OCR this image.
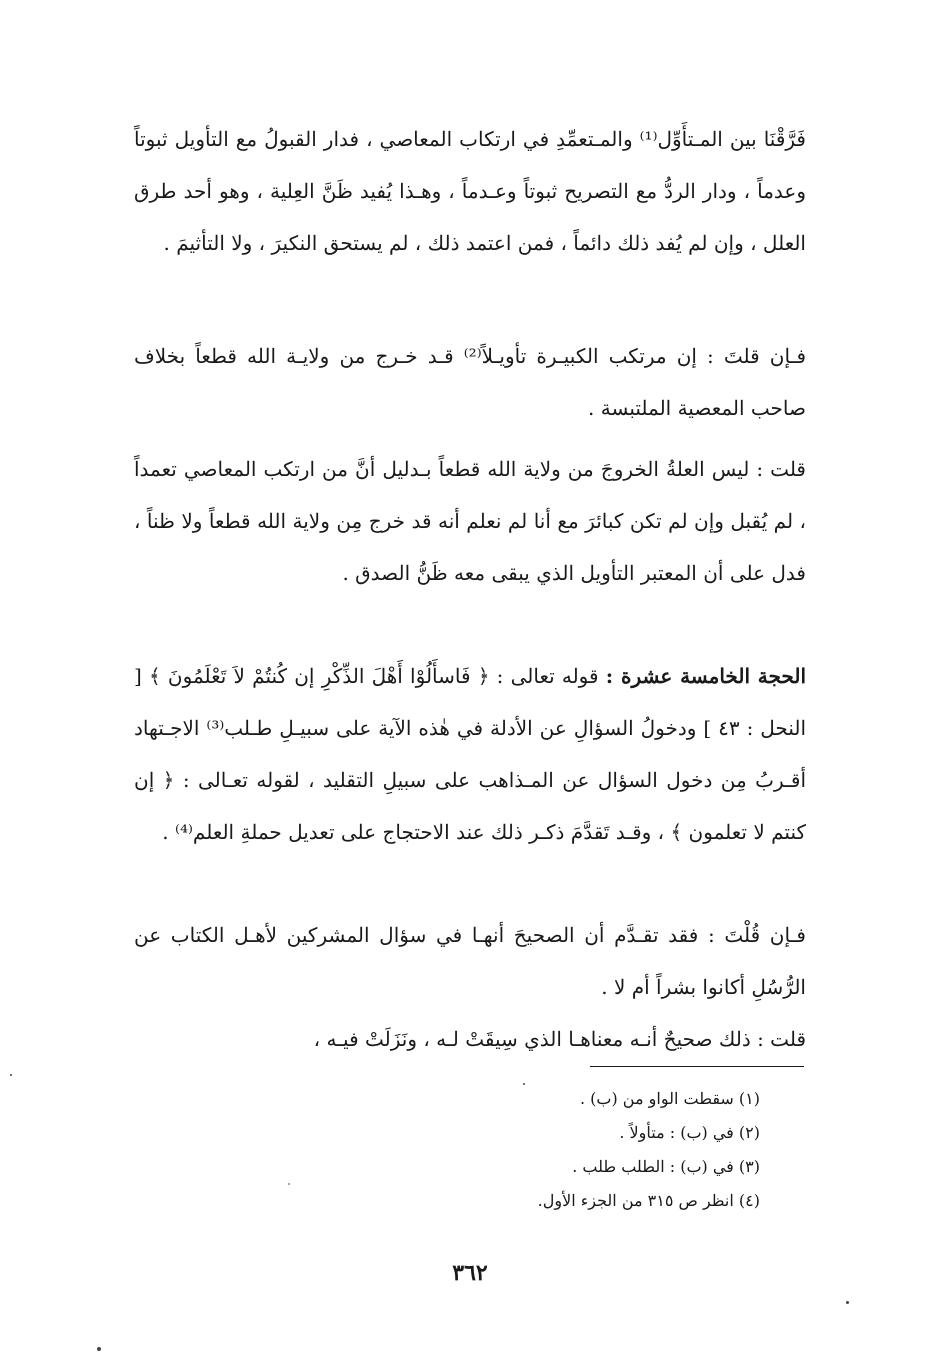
فَرَّقْنَا بين المـتأَوِّل⁽¹⁾ والمـتعمِّدِ في ارتكاب المعاصي ، فدار القبولُ مع التأويل ثبوتاً وعدماً ، ودار الردُّ مع التصريح ثبوتاً وعـدماً ، وهـذا يُفيد ظَنَّ العِلية ، وهو أحد طرق العلل ، وإن لم يُفد ذلك دائماً ، فمن اعتمد ذلك ، لم يستحق النكيرَ ، ولا التأثيمَ .

فـإن قلتَ : إن مرتكب الكبيـرة تأويـلاً⁽²⁾ قـد خـرج من ولايـة الله قطعاً بخلاف صاحب المعصية الملتبسة .

قلت : ليس العلةُ الخروجَ من ولاية الله قطعاً بـدليل أنَّ من ارتكب المعاصي تعمداً ، لم يُقبل وإن لم تكن كبائرَ مع أنا لم نعلم أنه قد خرج مِن ولاية الله قطعاً ولا ظناً ، فدل على أن المعتبر التأويل الذي يبقى معه ظَنُّ الصدق .

الحجة الخامسة عشرة : قوله تعالى : ﴿ فَاسأَلُوْا أَهْلَ الذِّكْرِ إن كُنتُمْ لاَ تَعْلَمُونَ ﴾ [ النحل : ٤٣ ] ودخولُ السؤالِ عن الأدلة في هٰذه الآية على سبيـلِ طـلب⁽³⁾ الاجـتهاد أقـربُ مِن دخول السؤال عن المـذاهب على سبيلِ التقليد ، لقوله تعـالى : ﴿ إن كنتم لا تعلمون ﴾ ، وقـد تَقدَّمَ ذكـر ذلك عند الاحتجاج على تعديل حملةِ العلم⁽⁴⁾ .

فـإن قُلْتَ : فقد تقـدَّم أن الصحيحَ أنهـا في سؤال المشركين لأهـل الكتاب عن الرُّسُلِ أكانوا بشراً أم لا .

قلت : ذلك صحيحٌ أنـه معناهـا الذي سِيقَتْ لـه ، ونَزَلَتْ فيـه ،

(١) سقطت الواو من (ب) .
(٢) في (ب) : متأولاً .
(٣) في (ب) : الطلب طلب .
(٤) انظر ص ٣١٥ من الجزء الأول.
٣٦٢
